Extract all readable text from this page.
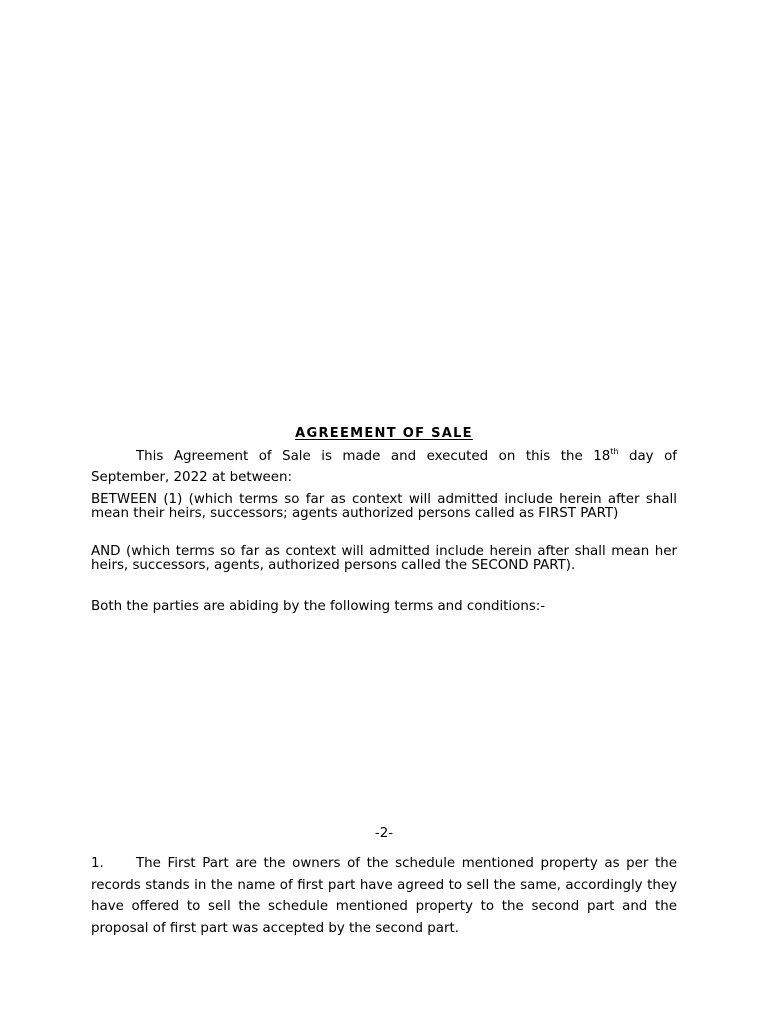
AGREEMENT OF SALE

This Agreement of Sale is made and executed on this the 18th day of September, 2022 at between:

BETWEEN (1) (which terms so far as context will admitted include herein after shall mean their heirs, successors; agents authorized persons called as FIRST PART)

AND (which terms so far as context will admitted include herein after shall mean her heirs, successors, agents, authorized persons called the SECOND PART).

Both the parties are abiding by the following terms and conditions:-

-2-

1. The First Part are the owners of the schedule mentioned property as per the records stands in the name of first part have agreed to sell the same, accordingly they have offered to sell the schedule mentioned property to the second part and the proposal of first part was accepted by the second part.
